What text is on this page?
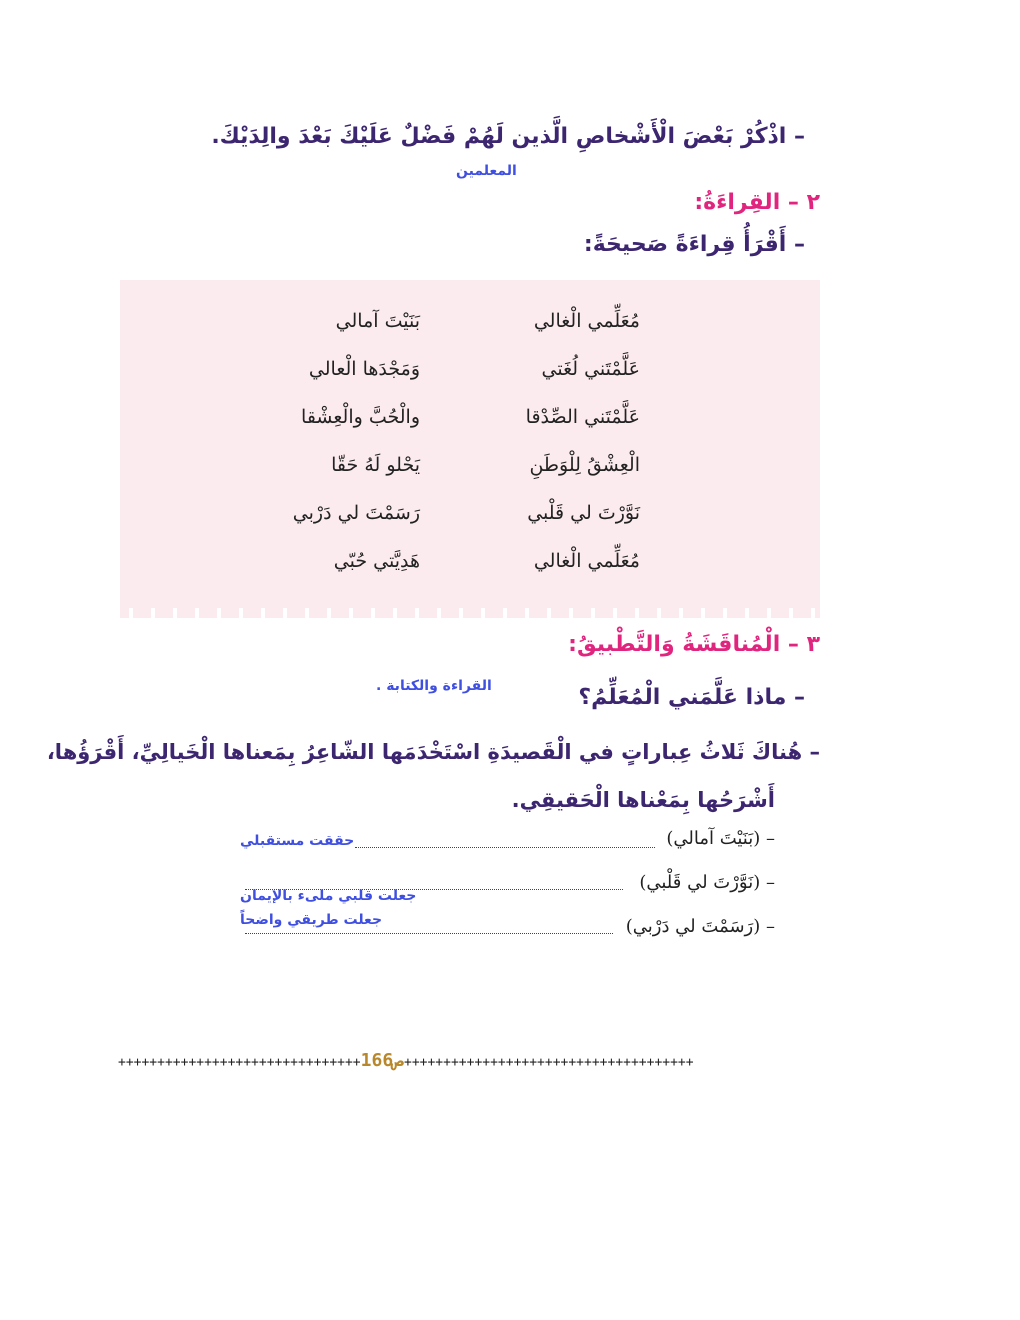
– اذْكُرْ بَعْضَ الْأَشْخاصِ الَّذين لَهُمْ فَضْلٌ عَلَيْكَ بَعْدَ والِدَيْكَ.
المعلمين
٢ – القِراءَةُ:
– أَقْرَأُ قِراءَةً صَحيحَةً:
مُعَلِّمي الْغالي
بَنَيْتَ آمالي
عَلَّمْتَني لُغَتي
وَمَجْدَها الْعالي
عَلَّمْتَني الصِّدْقا
والْحُبَّ والْعِشْقا
الْعِشْقُ لِلْوَطَنِ
يَحْلو لَهُ حَقّا
نَوَّرْتَ لي قَلْبي
رَسَمْتَ لي دَرْبي
مُعَلِّمي الْغالي
هَدِيَّتي حُبّي
٣ – الْمُناقَشَةُ وَالتَّطْبيقُ:
– ماذا عَلَّمَني الْمُعَلِّمُ؟
القراءة والكتابة .
– هُناكَ ثَلاثُ عِباراتٍ في الْقَصيدَةِ اسْتَخْدَمَها الشّاعِرُ بِمَعناها الْخَيالِيِّ، أَقْرَؤُها،
أَشْرَحُها بِمَعْناها الْحَقيقِي.
– (بَنَيْتَ آمالي)
حققت مستقبلي
– (نَوَّرْتَ لي قَلْبي)
جعلت قلبي ملىء بالإيمان
– (رَسَمْتَ لي دَرْبي)
جعلت طريقي واضحاً
+++++++++++++++++++++++++++++++ص166+++++++++++++++++++++++++++++++++++++
